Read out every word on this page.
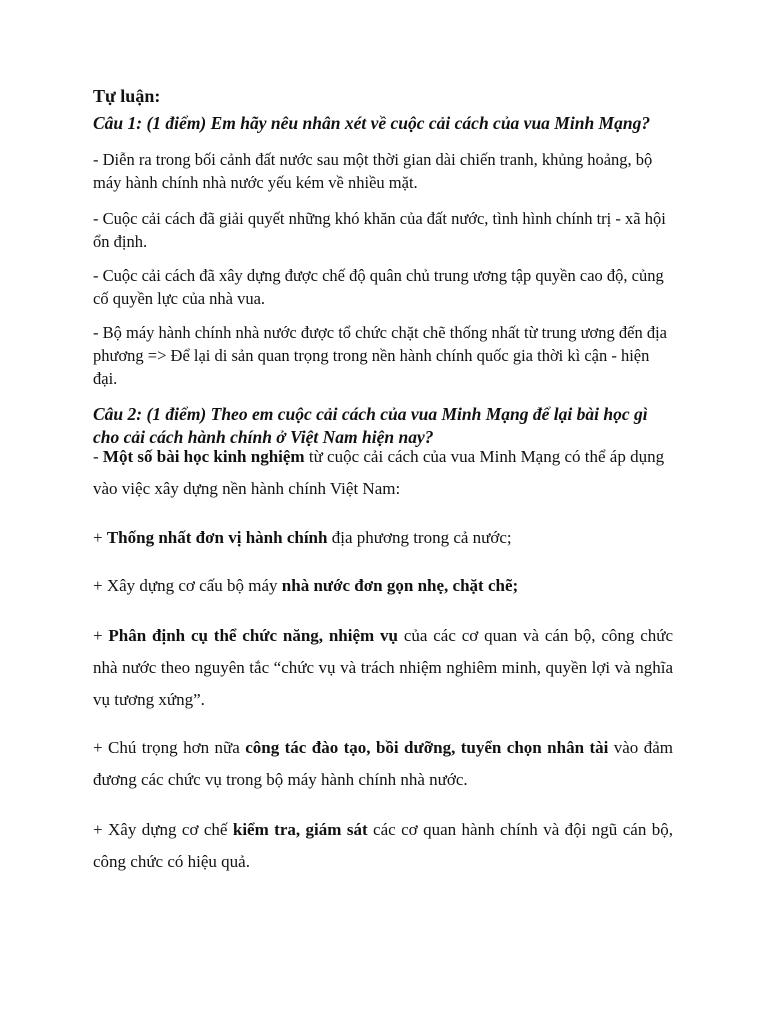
Tự luận:
Câu 1: (1 điểm) Em hãy nêu nhân xét về cuộc cải cách của vua Minh Mạng?
- Diễn ra trong bối cảnh đất nước sau một thời gian dài chiến tranh, khủng hoảng, bộ máy hành chính nhà nước yếu kém về nhiều mặt.
- Cuộc cải cách đã giải quyết những khó khăn của đất nước, tình hình chính trị - xã hội ổn định.
- Cuộc cải cách đã xây dựng được chế độ quân chủ trung ương tập quyền cao độ, củng cố quyền lực của nhà vua.
- Bộ máy hành chính nhà nước được tổ chức chặt chẽ thống nhất từ trung ương đến địa phương => Để lại di sản quan trọng trong nền hành chính quốc gia thời kì cận - hiện đại.
Câu 2: (1 điểm) Theo em cuộc cải cách của vua Minh Mạng để lại bài học gì cho cải cách hành chính ở Việt Nam hiện nay?
- Một số bài học kinh nghiệm từ cuộc cải cách của vua Minh Mạng có thể áp dụng vào việc xây dựng nền hành chính Việt Nam:
+ Thống nhất đơn vị hành chính địa phương trong cả nước;
+ Xây dựng cơ cấu bộ máy nhà nước đơn gọn nhẹ, chặt chẽ;
+ Phân định cụ thể chức năng, nhiệm vụ của các cơ quan và cán bộ, công chức nhà nước theo nguyên tắc “chức vụ và trách nhiệm nghiêm minh, quyền lợi và nghĩa vụ tương xứng”.
+ Chú trọng hơn nữa công tác đào tạo, bồi dưỡng, tuyển chọn nhân tài vào đảm đương các chức vụ trong bộ máy hành chính nhà nước.
+ Xây dựng cơ chế kiểm tra, giám sát các cơ quan hành chính và đội ngũ cán bộ, công chức có hiệu quả.
